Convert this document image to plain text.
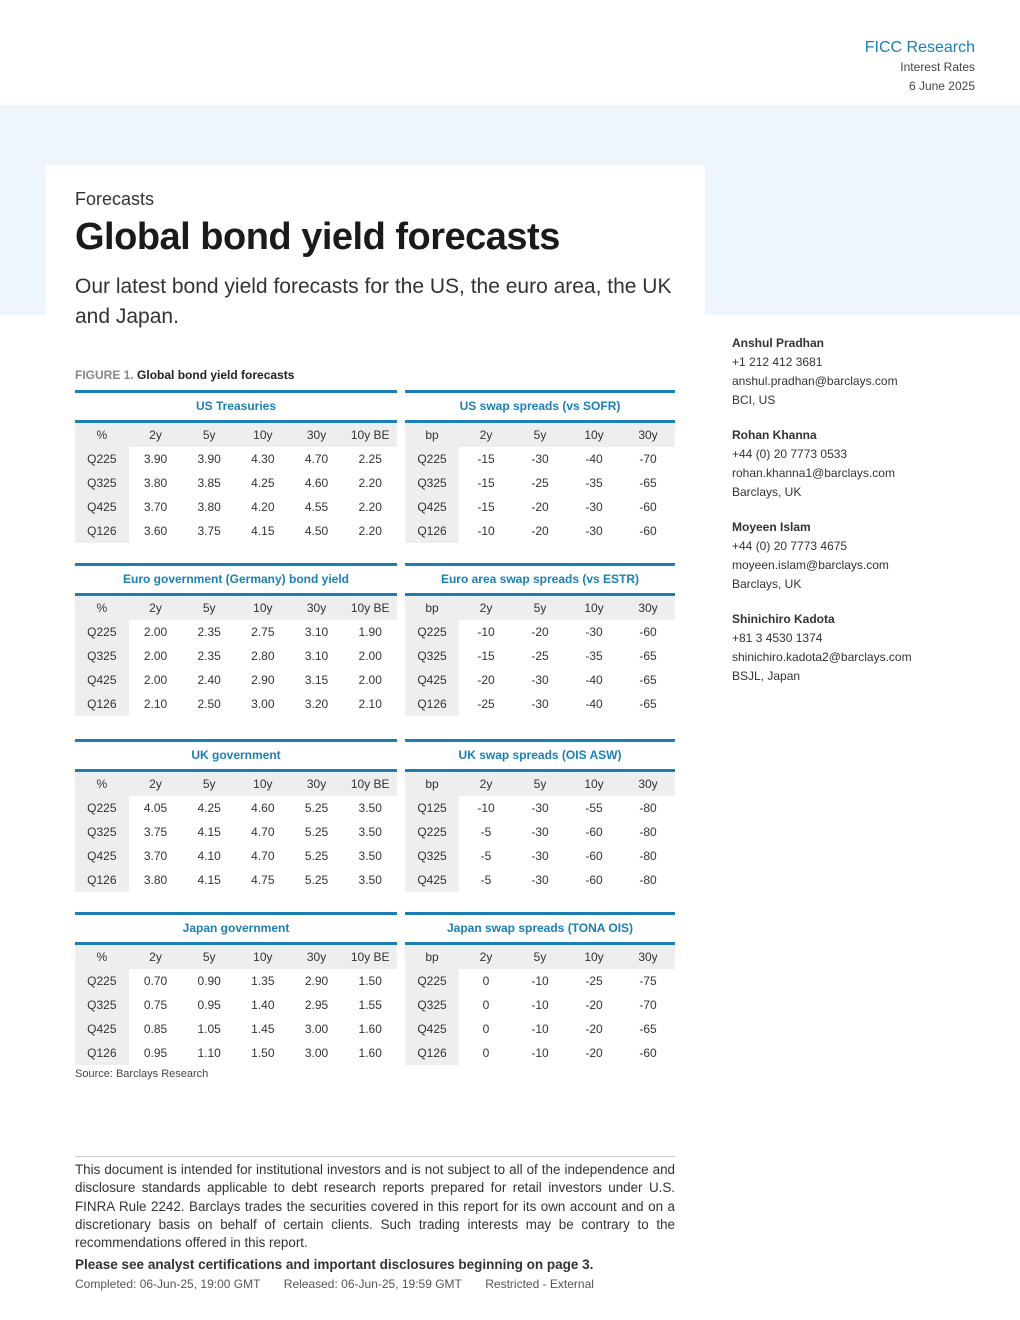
FICC Research
Interest Rates
6 June 2025
Forecasts
Global bond yield forecasts
Our latest bond yield forecasts for the US, the euro area, the UK and Japan.
Anshul Pradhan
+1 212 412 3681
anshul.pradhan@barclays.com
BCI, US
Rohan Khanna
+44 (0) 20 7773 0533
rohan.khanna1@barclays.com
Barclays, UK
Moyeen Islam
+44 (0) 20 7773 4675
moyeen.islam@barclays.com
Barclays, UK
Shinichiro Kadota
+81 3 4530 1374
shinichiro.kadota2@barclays.com
BSJL, Japan
FIGURE 1. Global bond yield forecasts
US Treasuries
%	2y	5y	10y	30y	10y BE
Q225	3.90	3.90	4.30	4.70	2.25
Q325	3.80	3.85	4.25	4.60	2.20
Q425	3.70	3.80	4.20	4.55	2.20
Q126	3.60	3.75	4.15	4.50	2.20
US swap spreads (vs SOFR)
bp	2y	5y	10y	30y
Q225	-15	-30	-40	-70
Q325	-15	-25	-35	-65
Q425	-15	-20	-30	-60
Q126	-10	-20	-30	-60
Euro government (Germany) bond yield
%	2y	5y	10y	30y	10y BE
Q225	2.00	2.35	2.75	3.10	1.90
Q325	2.00	2.35	2.80	3.10	2.00
Q425	2.00	2.40	2.90	3.15	2.00
Q126	2.10	2.50	3.00	3.20	2.10
Euro area swap spreads (vs ESTR)
bp	2y	5y	10y	30y
Q225	-10	-20	-30	-60
Q325	-15	-25	-35	-65
Q425	-20	-30	-40	-65
Q126	-25	-30	-40	-65
UK government
%	2y	5y	10y	30y	10y BE
Q225	4.05	4.25	4.60	5.25	3.50
Q325	3.75	4.15	4.70	5.25	3.50
Q425	3.70	4.10	4.70	5.25	3.50
Q126	3.80	4.15	4.75	5.25	3.50
UK swap spreads (OIS ASW)
bp	2y	5y	10y	30y
Q125	-10	-30	-55	-80
Q225	-5	-30	-60	-80
Q325	-5	-30	-60	-80
Q425	-5	-30	-60	-80
Japan government
%	2y	5y	10y	30y	10y BE
Q225	0.70	0.90	1.35	2.90	1.50
Q325	0.75	0.95	1.40	2.95	1.55
Q425	0.85	1.05	1.45	3.00	1.60
Q126	0.95	1.10	1.50	3.00	1.60
Japan swap spreads (TONA OIS)
bp	2y	5y	10y	30y
Q225	0	-10	-25	-75
Q325	0	-10	-20	-70
Q425	0	-10	-20	-65
Q126	0	-10	-20	-60
Source: Barclays Research
This document is intended for institutional investors and is not subject to all of the independence and disclosure standards applicable to debt research reports prepared for retail investors under U.S. FINRA Rule 2242. Barclays trades the securities covered in this report for its own account and on a discretionary basis on behalf of certain clients. Such trading interests may be contrary to the recommendations offered in this report.
Please see analyst certifications and important disclosures beginning on page 3.
Completed: 06-Jun-25, 19:00 GMT Released: 06-Jun-25, 19:59 GMT Restricted - External
